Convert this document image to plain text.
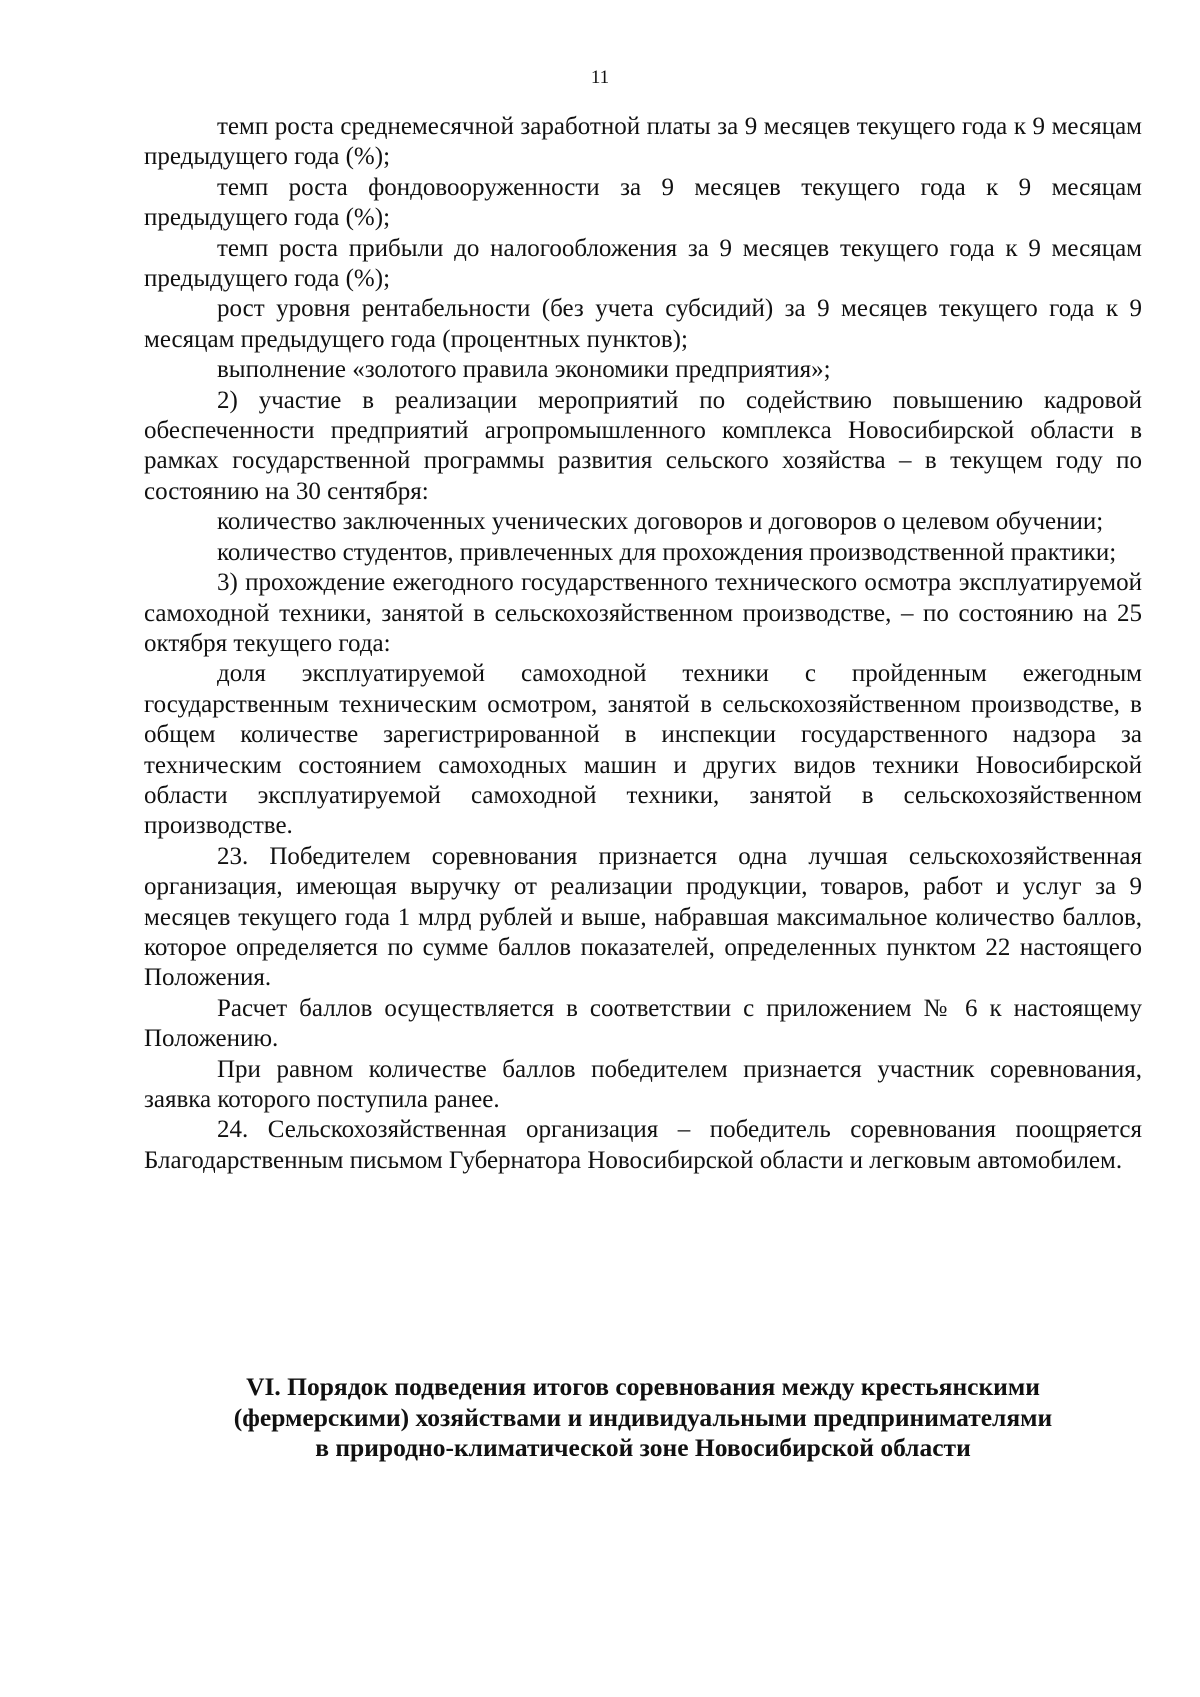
11

темп роста среднемесячной заработной платы за 9 месяцев текущего года к 9 месяцам предыдущего года (%);

темп роста фондовооруженности за 9 месяцев текущего года к 9 месяцам предыдущего года (%);

темп роста прибыли до налогообложения за 9 месяцев текущего года к 9 месяцам предыдущего года (%);

рост уровня рентабельности (без учета субсидий) за 9 месяцев текущего года к 9 месяцам предыдущего года (процентных пунктов);

выполнение «золотого правила экономики предприятия»;

2) участие в реализации мероприятий по содействию повышению кадровой обеспеченности предприятий агропромышленного комплекса Новосибирской области в рамках государственной программы развития сельского хозяйства – в текущем году по состоянию на 30 сентября:

количество заключенных ученических договоров и договоров о целевом обучении;

количество студентов, привлеченных для прохождения производственной практики;

3) прохождение ежегодного государственного технического осмотра эксплуатируемой самоходной техники, занятой в сельскохозяйственном производстве, – по состоянию на 25 октября текущего года:

доля эксплуатируемой самоходной техники с пройденным ежегодным государственным техническим осмотром, занятой в сельскохозяйственном производстве, в общем количестве зарегистрированной в инспекции государственного надзора за техническим состоянием самоходных машин и других видов техники Новосибирской области эксплуатируемой самоходной техники, занятой в сельскохозяйственном производстве.

23. Победителем соревнования признается одна лучшая сельскохозяйственная организация, имеющая выручку от реализации продукции, товаров, работ и услуг за 9 месяцев текущего года 1 млрд рублей и выше, набравшая максимальное количество баллов, которое определяется по сумме баллов показателей, определенных пунктом 22 настоящего Положения.

Расчет баллов осуществляется в соответствии с приложением № 6 к настоящему Положению.

При равном количестве баллов победителем признается участник соревнования, заявка которого поступила ранее.

24. Сельскохозяйственная организация – победитель соревнования поощряется Благодарственным письмом Губернатора Новосибирской области и легковым автомобилем.

VI. Порядок подведения итогов соревнования между крестьянскими
(фермерскими) хозяйствами и индивидуальными предпринимателями
в природно-климатической зоне Новосибирской области
